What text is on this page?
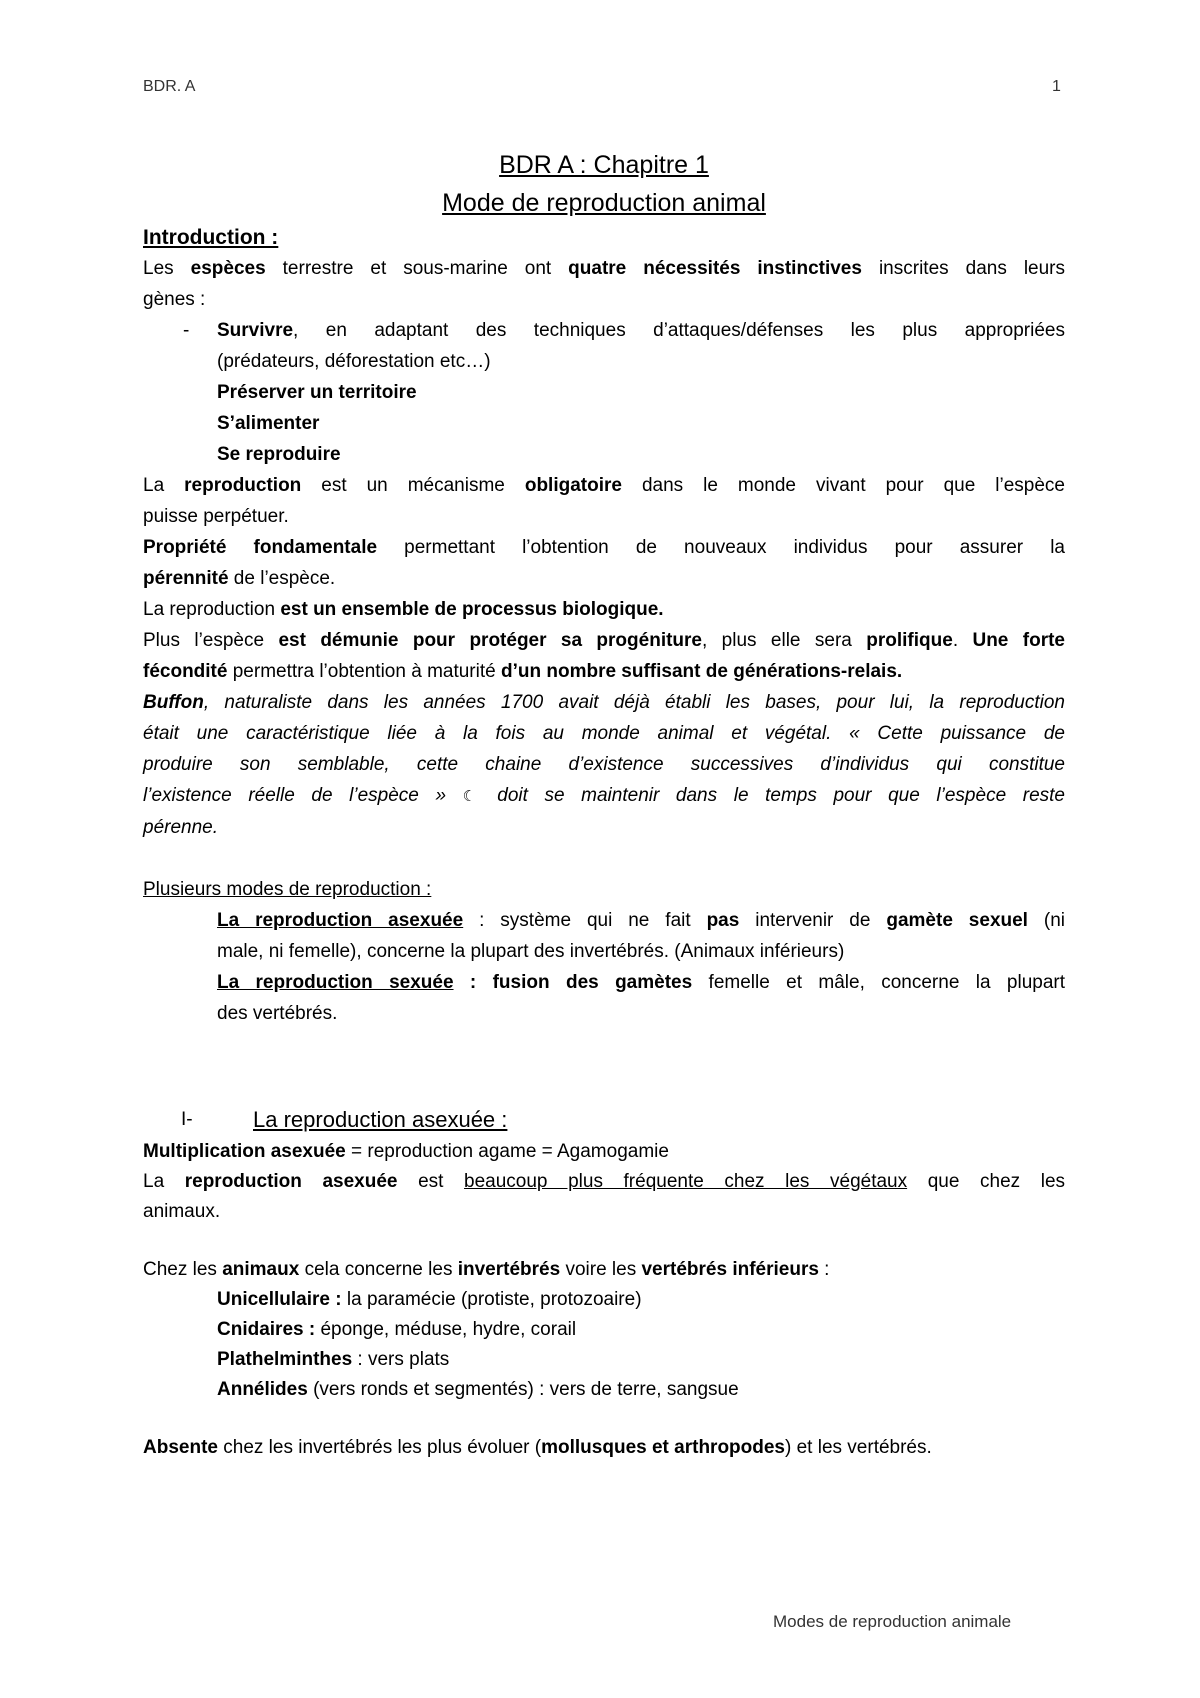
BDR. A	1
BDR A : Chapitre 1
Mode de reproduction animal
Introduction :

Les espèces terrestre et sous-marine ont quatre nécessités instinctives inscrites dans leurs

gènes :

- Survivre, en adaptant des techniques d’attaques/défenses les plus appropriées

(prédateurs, déforestation etc…)

Préserver un territoire

S’alimenter

Se reproduire

La reproduction est un mécanisme obligatoire dans le monde vivant pour que l’espèce

puisse perpétuer.

Propriété fondamentale permettant l’obtention de nouveaux individus pour assurer la

pérennité de l’espèce.

La reproduction est un ensemble de processus biologique.

Plus l’espèce est démunie pour protéger sa progéniture, plus elle sera prolifique. Une forte

fécondité permettra l’obtention à maturité d’un nombre suffisant de générations-relais.

Buffon, naturaliste dans les années 1700 avait déjà établi les bases, pour lui, la reproduction

était une caractéristique liée à la fois au monde animal et végétal. « Cette puissance de

produire son semblable, cette chaine d’existence successives d’individus qui constitue

l’existence réelle de l’espèce » ☾ doit se maintenir dans le temps pour que l’espèce reste

pérenne.

Plusieurs modes de reproduction :

La reproduction asexuée : système qui ne fait pas intervenir de gamète sexuel (ni

male, ni femelle), concerne la plupart des invertébrés. (Animaux inférieurs)

La reproduction sexuée : fusion des gamètes femelle et mâle, concerne la plupart

des vertébrés.

I-	La reproduction asexuée :

Multiplication asexuée = reproduction agame = Agamogamie

La reproduction asexuée est beaucoup plus fréquente chez les végétaux que chez les

animaux.

Chez les animaux cela concerne les invertébrés voire les vertébrés inférieurs :

Unicellulaire : la paramécie (protiste, protozoaire)

Cnidaires : éponge, méduse, hydre, corail

Plathelminthes : vers plats

Annélides (vers ronds et segmentés) : vers de terre, sangsue

Absente chez les invertébrés les plus évoluer (mollusques et arthropodes) et les vertébrés.

Modes de reproduction animale
